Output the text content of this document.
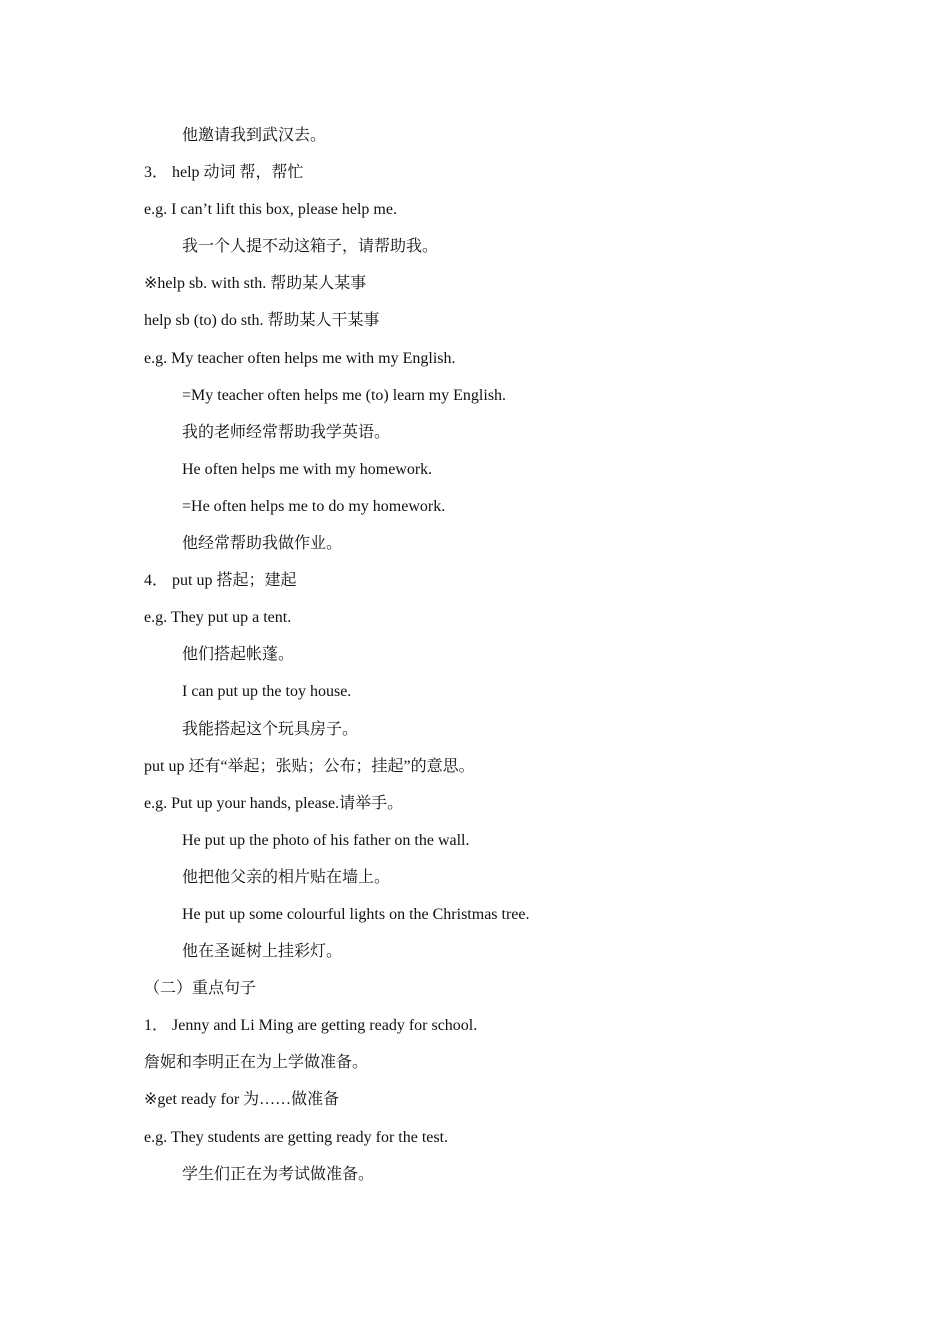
他邀请我到武汉去。
3． help 动词 帮，帮忙
e.g. I can’t lift this box, please help me.
我一个人提不动这箱子，请帮助我。
※help sb. with sth. 帮助某人某事
help sb (to) do sth. 帮助某人干某事
e.g. My teacher often helps me with my English.
=My teacher often helps me (to) learn my English.
我的老师经常帮助我学英语。
He often helps me with my homework.
=He often helps me to do my homework.
他经常帮助我做作业。
4． put up 搭起；建起
e.g. They put up a tent.
他们搭起帐蓬。
I can put up the toy house.
我能搭起这个玩具房子。
put up 还有“举起；张贴；公布；挂起”的意思。
e.g. Put up your hands, please.请举手。
He put up the photo of his father on the wall.
他把他父亲的相片贴在墙上。
He put up some colourful lights on the Christmas tree.
他在圣诞树上挂彩灯。
（二）重点句子
1． Jenny and Li Ming are getting ready for school.
詹妮和李明正在为上学做准备。
※get ready for 为……做准备
e.g. They students are getting ready for the test.
学生们正在为考试做准备。
